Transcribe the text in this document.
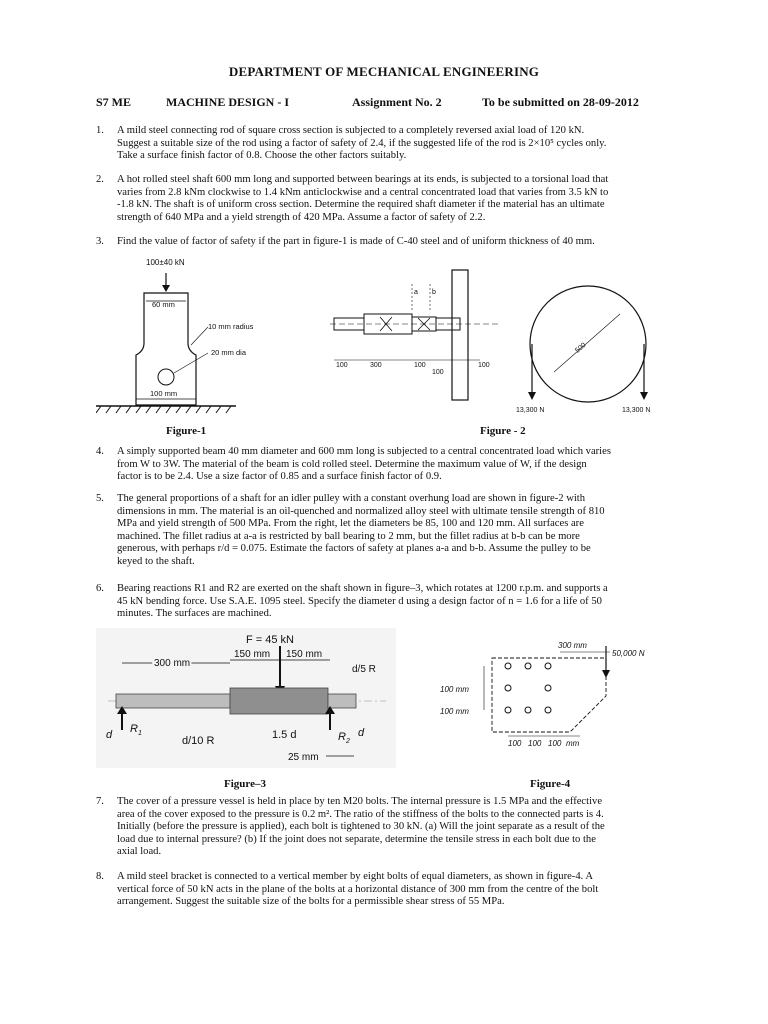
DEPARTMENT OF MECHANICAL ENGINEERING
S7 ME	MACHINE DESIGN - I	Assignment No. 2	To be submitted on 28-09-2012
1. A mild steel connecting rod of square cross section is subjected to a completely reversed axial load of 120 kN.
Suggest a suitable size of the rod using a factor of safety of 2.4, if the suggested life of the rod is 2×10⁵ cycles only.
Take a surface finish factor of 0.8. Choose the other factors suitably.
2. A hot rolled steel shaft 600 mm long and supported between bearings at its ends, is subjected to a torsional load that
varies from 2.8 kNm clockwise to 1.4 kNm anticlockwise and a central concentrated load that varies from 3.5 kN to
-1.8 kN. The shaft is of uniform cross section. Determine the required shaft diameter if the material has an ultimate
strength of 640 MPa and a yield strength of 420 MPa. Assume a factor of safety of 2.2.
3. Find the value of factor of safety if the part in figure-1 is made of C-40 steel and of uniform thickness of 40 mm.
100±40 kN
60 mm
10 mm radius
20 mm dia
100 mm
a b
100	300	100
100
100
500
13,300 N	13,300 N
Figure-1	Figure - 2
4. A simply supported beam 40 mm diameter and 600 mm long is subjected to a central concentrated load which varies
from W to 3W. The material of the beam is cold rolled steel. Determine the maximum value of W, if the design
factor is to be 2.4. Use a size factor of 0.85 and a surface finish factor of 0.9.
5. The general proportions of a shaft for an idler pulley with a constant overhung load are shown in figure-2 with
dimensions in mm. The material is an oil-quenched and normalized alloy steel with ultimate tensile strength of 810
MPa and yield strength of 500 MPa. From the right, let the diameters be 85, 100 and 120 mm. All surfaces are
machined. The fillet radius at a-a is restricted by ball bearing to 2 mm, but the fillet radius at b-b can be more
generous, with perhaps r/d = 0.075. Estimate the factors of safety at planes a-a and b-b. Assume the pulley to be
keyed to the shaft.
6. Bearing reactions R1 and R2 are exerted on the shaft shown in figure–3, which rotates at 1200 r.p.m. and supports a
45 kN bending force. Use S.A.E. 1095 steel. Specify the diameter d using a design factor of n = 1.6 for a life of 50
minutes. The surfaces are machined.
F = 45 kN
300 mm
150 mm 150 mm
d/5 R
d $R_1$
d/10 R	1.5 d	$R_2$
d
25 mm
300 mm
50,000 N
100 mm
100 mm
100 100 100 mm
Figure–3	Figure-4
7. The cover of a pressure vessel is held in place by ten M20 bolts. The internal pressure is 1.5 MPa and the effective
area of the cover exposed to the pressure is 0.2 m². The ratio of the stiffness of the bolts to the connected parts is 4.
Initially (before the pressure is applied), each bolt is tightened to 30 kN. (a) Will the joint separate as a result of the
load due to internal pressure? (b) If the joint does not separate, determine the tensile stress in each bolt due to the
axial load.
8. A mild steel bracket is connected to a vertical member by eight bolts of equal diameters, as shown in figure-4. A
vertical force of 50 kN acts in the plane of the bolts at a horizontal distance of 300 mm from the centre of the bolt
arrangement. Suggest the suitable size of the bolts for a permissible shear stress of 55 MPa.
